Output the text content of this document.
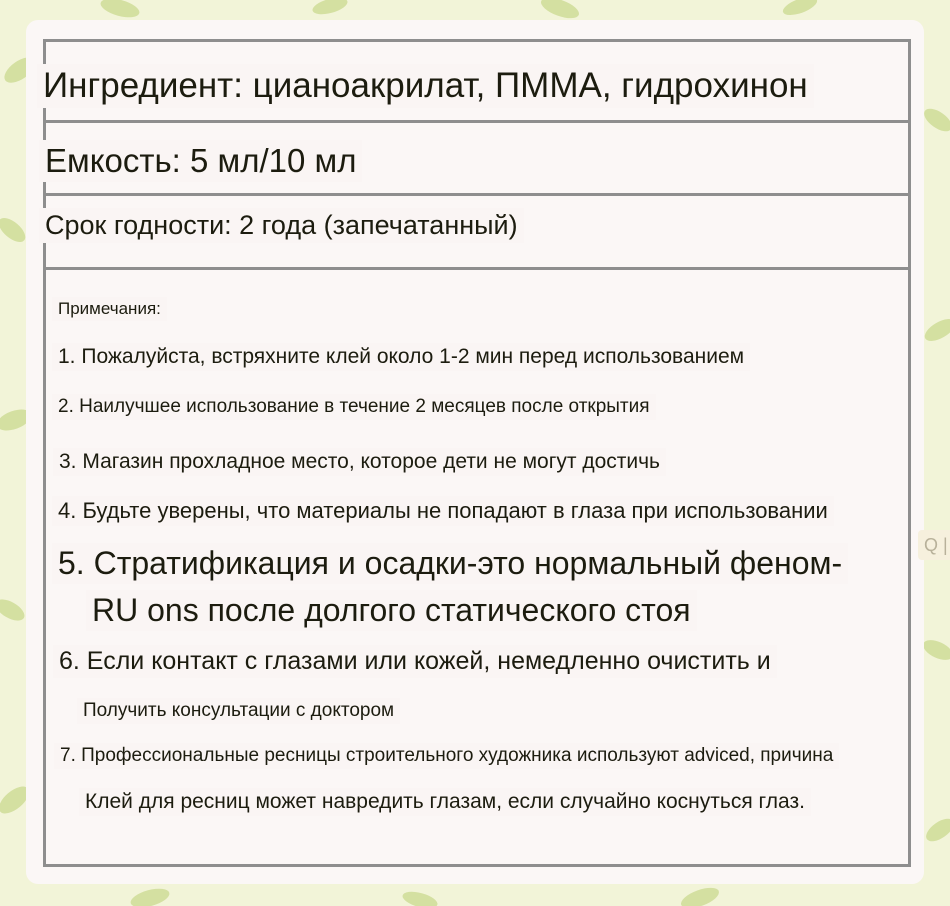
Ингредиент: цианоакрилат, ПММА, гидрохинон
Емкость: 5 мл/10 мл
Срок годности: 2 года (запечатанный)
Примечания:
1. Пожалуйста, встряхните клей около 1-2 мин перед использованием
2. Наилучшее использование в течение 2 месяцев после открытия
3. Магазин прохладное место, которое дети не могут достичь
4. Будьте уверены, что материалы не попадают в глаза при использовании
5. Стратификация и осадки-это нормальный феном-
RU ons после долгого статического стоя
6. Если контакт с глазами или кожей, немедленно очистить и
Получить консультации с доктором
7. Профессиональные ресницы строительного художника используют adviced, причина
Клей для ресниц может навредить глазам, если случайно коснуться глаз.
Q |
